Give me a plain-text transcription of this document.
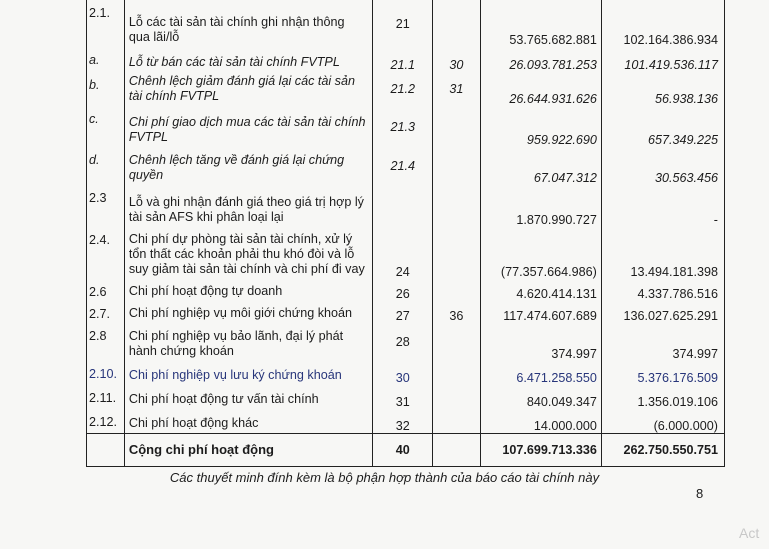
2.1.	Lỗ các tài sản tài chính ghi nhận thông qua lãi/lỗ	21		53.765.682.881	102.164.386.934
a.	Lỗ từ bán các tài sản tài chính FVTPL	21.1	30	26.093.781.253	101.419.536.117
b.	Chênh lệch giảm đánh giá lại các tài sản tài chính FVTPL	21.2	31	26.644.931.626	56.938.136
c.	Chi phí giao dịch mua các tài sản tài chính FVTPL	21.3		959.922.690	657.349.225
d.	Chênh lệch tăng về đánh giá lại chứng quyền	21.4		67.047.312	30.563.456
2.3	Lỗ và ghi nhận đánh giá theo giá trị hợp lý tài sản AFS khi phân loại lại			1.870.990.727	-
2.4.	Chi phí dự phòng tài sản tài chính, xử lý tổn thất các khoản phải thu khó đòi và lỗ suy giảm tài sản tài chính và chi phí đi vay	24		(77.357.664.986)	13.494.181.398
2.6	Chi phí hoạt động tự doanh	26		4.620.414.131	4.337.786.516
2.7.	Chi phí nghiệp vụ môi giới chứng khoán	27	36	117.474.607.689	136.027.625.291
2.8	Chi phí nghiệp vụ bảo lãnh, đại lý phát hành chứng khoán	28		374.997	374.997
2.10.	Chi phí nghiệp vụ lưu ký chứng khoán	30		6.471.258.550	5.376.176.509
2.11.	Chi phí hoạt động tư vấn tài chính	31		840.049.347	1.356.019.106
2.12.	Chi phí hoạt động khác	32		14.000.000	(6.000.000)
	Cộng chi phí hoạt động	40		107.699.713.336	262.750.550.751
Các thuyết minh đính kèm là bộ phận hợp thành của báo cáo tài chính này
8
Act
